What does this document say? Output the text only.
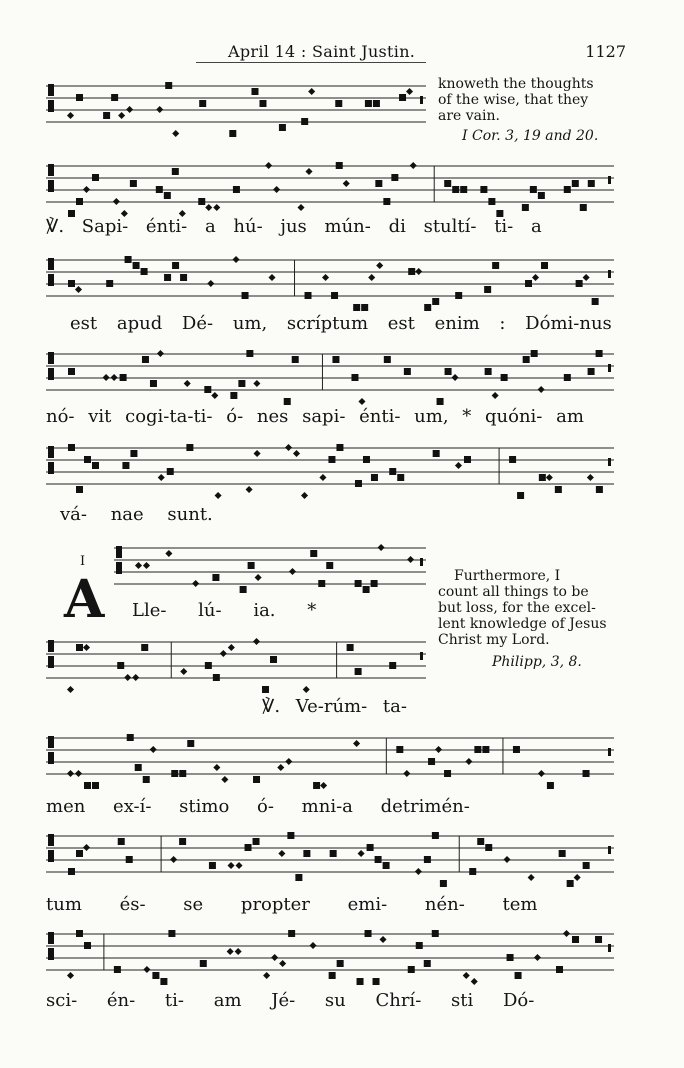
April 14 : Saint Justin.	1127
knoweth the thoughts
of the wise, that they
are vain.
I Cor. 3, 19 and 20.
℣. Sapi- énti- a hú- jus mún- di stultí- ti- a
est apud Dé- um, scríptum est enim : Dómi-nus
nó- vit cogi-ta-ti- ó- nes sapi- énti- um, * quóni- am
vá- nae sunt.
I
A Lle- lú- ia. *
Furthermore, I
count all things to be
but loss, for the excel-
lent knowledge of Jesus
Christ my Lord.
Philipp, 3, 8.
℣. Ve-rúm- ta-
men ex-í- stimo ó- mni-a detrimén-
tum és- se propter emi- nén- tem
sci- én- ti- am Jé- su Chrí- sti Dó-
